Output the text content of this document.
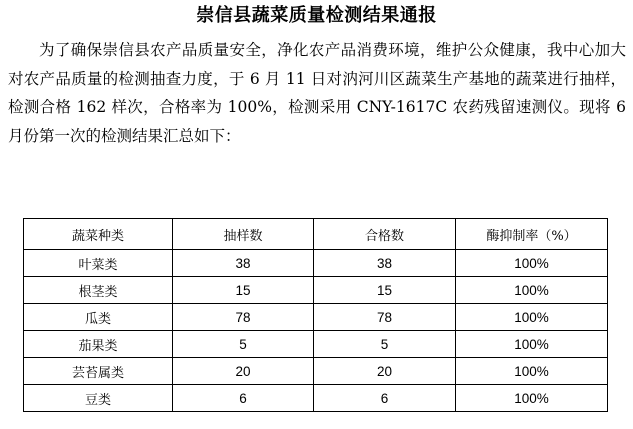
崇信县蔬菜质量检测结果通报

为了确保崇信县农产品质量安全，净化农产品消费环境，维护公众健康，我中心加大对农产品质量的检测抽查力度，于 6 月 11 日对汭河川区蔬菜生产基地的蔬菜进行抽样，检测合格 162 样次，合格率为 100%，检测采用 CNY-1617C 农药残留速测仪。现将 6 月份第一次的检测结果汇总如下：

蔬菜种类	抽样数	合格数	酶抑制率（%）
叶菜类	38	38	100%
根茎类	15	15	100%
瓜类	78	78	100%
茄果类	5	5	100%
芸苔属类	20	20	100%
豆类	6	6	100%
